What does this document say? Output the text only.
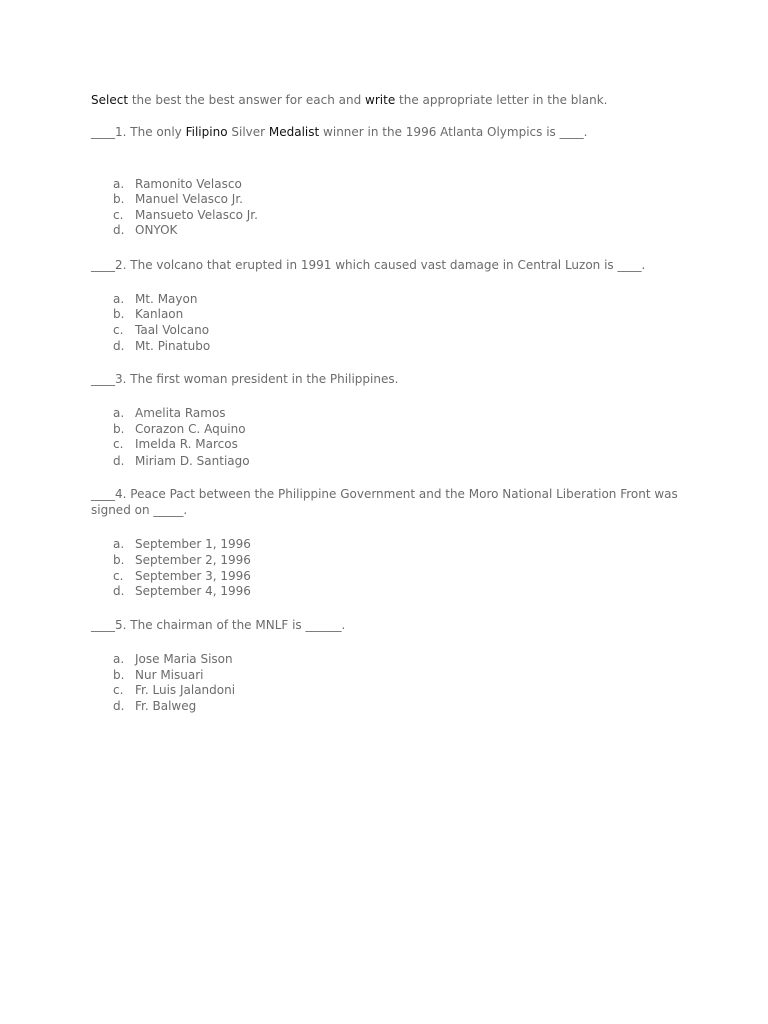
Select the best the best answer for each and write the appropriate letter in the blank.
____1. The only Filipino Silver Medalist winner in the 1996 Atlanta Olympics is ____.
a. Ramonito Velasco
b. Manuel Velasco Jr.
c. Mansueto Velasco Jr.
d. ONYOK
____2. The volcano that erupted in 1991 which caused vast damage in Central Luzon is ____.
a. Mt. Mayon
b. Kanlaon
c. Taal Volcano
d. Mt. Pinatubo
____3. The first woman president in the Philippines.
a. Amelita Ramos
b. Corazon C. Aquino
c. Imelda R. Marcos
d. Miriam D. Santiago
____4. Peace Pact between the Philippine Government and the Moro National Liberation Front was signed on _____.
a. September 1, 1996
b. September 2, 1996
c. September 3, 1996
d. September 4, 1996
____5. The chairman of the MNLF is ______.
a. Jose Maria Sison
b. Nur Misuari
c. Fr. Luis Jalandoni
d. Fr. Balweg
